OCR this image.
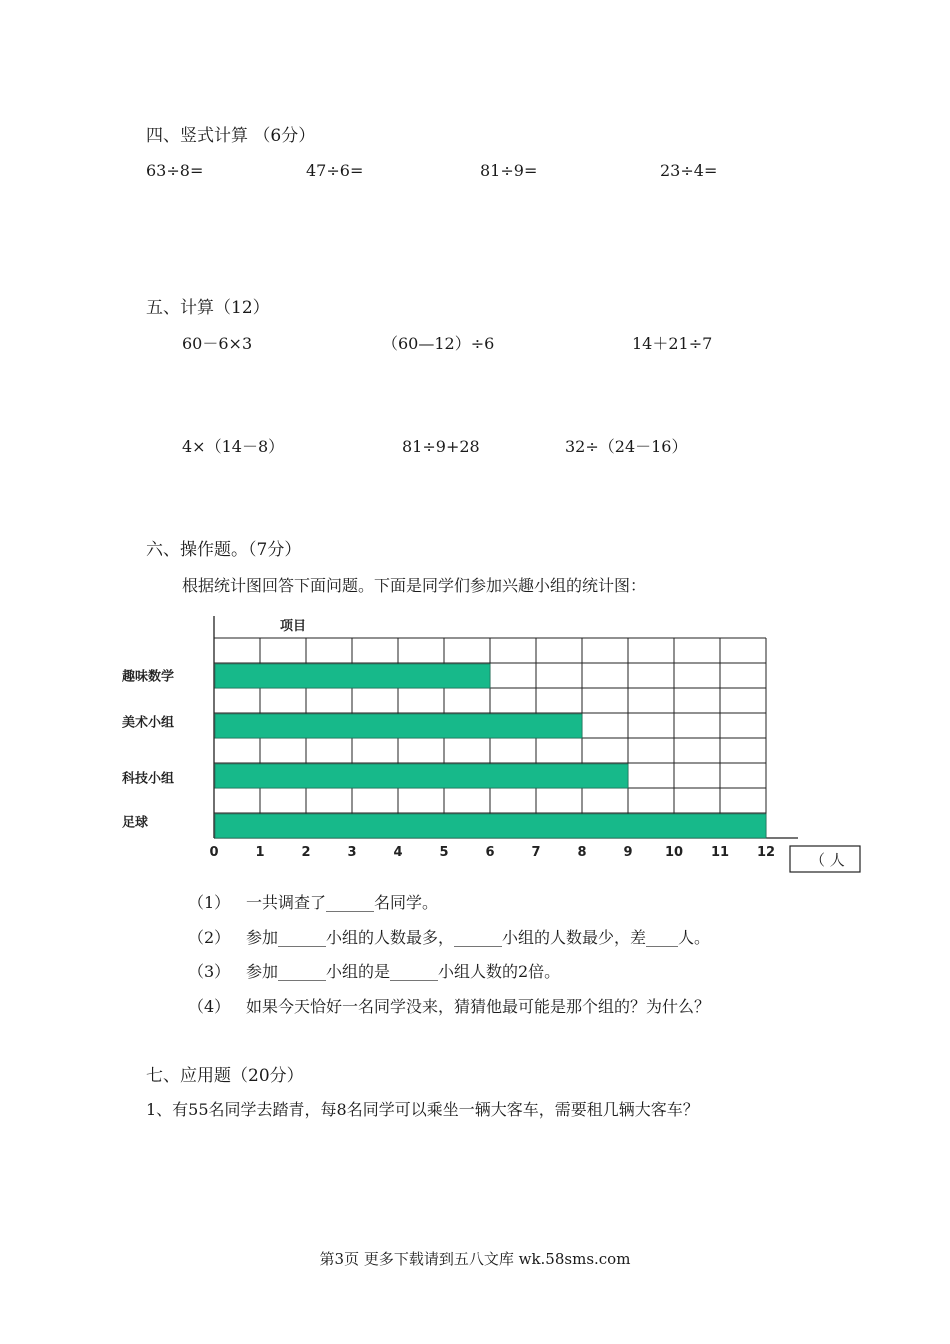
四、竖式计算 （6分）
63÷8=	47÷6=	81÷9=	23÷4=
五、计算（12）
60－6×3	（60—12）÷6	14＋21÷7
4×（14－8）	81÷9+28	32÷（24－16）
六、操作题。（7分）
根据统计图回答下面问题。下面是同学们参加兴趣小组的统计图：
项目
趣味数学
美术小组
科技小组
足球
0	1	2	3	4	5	6	7	8	9 10 11 12 （ 人
（1） 一共调查了______名同学。
（2） 参加______小组的人数最多，______小组的人数最少，差____人。
（3） 参加______小组的是______小组人数的2倍。
（4） 如果今天恰好一名同学没来，猜猜他最可能是那个组的？为什么？
七、应用题（20分）
1、有55名同学去踏青，每8名同学可以乘坐一辆大客车，需要租几辆大客车？
第3页 更多下载请到五八文库 wk.58sms.com
